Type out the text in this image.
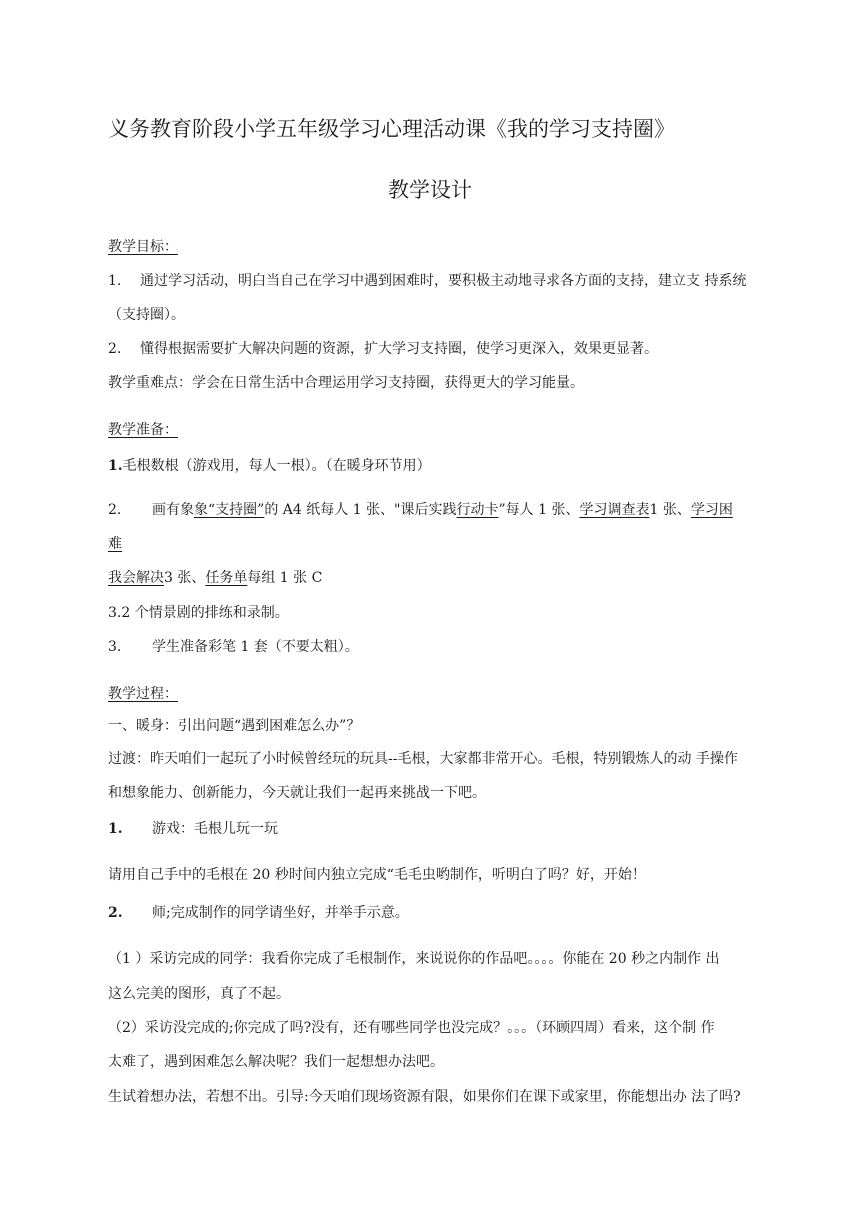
义务教育阶段小学五年级学习心理活动课《我的学习支持圈》
教学设计
教学目标：
1. 通过学习活动，明白当自己在学习中遇到困难时，要积极主动地寻求各方面的支持，建立支 持系统
（支持圈）。
2. 懂得根据需要扩大解决问题的资源，扩大学习支持圈，使学习更深入，效果更显著。
教学重难点：学会在日常生活中合理运用学习支持圈，获得更大的学习能量。
教学准备：
1.毛根数根（游戏用，每人一根）。（在暖身环节用）
2. 画有象象“支持圈”的 A4 纸每人 1 张、"课后实践行动卡”每人 1 张、学习调查表1 张、学习困
难
我会解决3 张、任务单每组 1 张 C
3.2 个情景剧的排练和录制。
3. 学生准备彩笔 1 套（不要太粗）。
教学过程：
一、暖身：引出问题“遇到困难怎么办”？
过渡：昨天咱们一起玩了小时候曾经玩的玩具--毛根，大家都非常开心。毛根，特别锻炼人的动 手操作
和想象能力、创新能力，今天就让我们一起再来挑战一下吧。
1. 游戏：毛根儿玩一玩
请用自己手中的毛根在 20 秒时间内独立完成“毛毛虫哟制作，听明白了吗？好，开始！
2. 师;完成制作的同学请坐好，并举手示意。
（1 ）采访完成的同学：我看你完成了毛根制作，来说说你的作品吧。。。。你能在 20 秒之内制作 出
这么完美的图形，真了不起。
（2）采访没完成的;你完成了吗?没有，还有哪些同学也没完成？。。。（环顾四周）看来，这个制 作
太难了，遇到困难怎么解决呢？我们一起想想办法吧。
生试着想办法，若想不出。引导:今天咱们现场资源有限，如果你们在课下或家里，你能想出办 法了吗?
